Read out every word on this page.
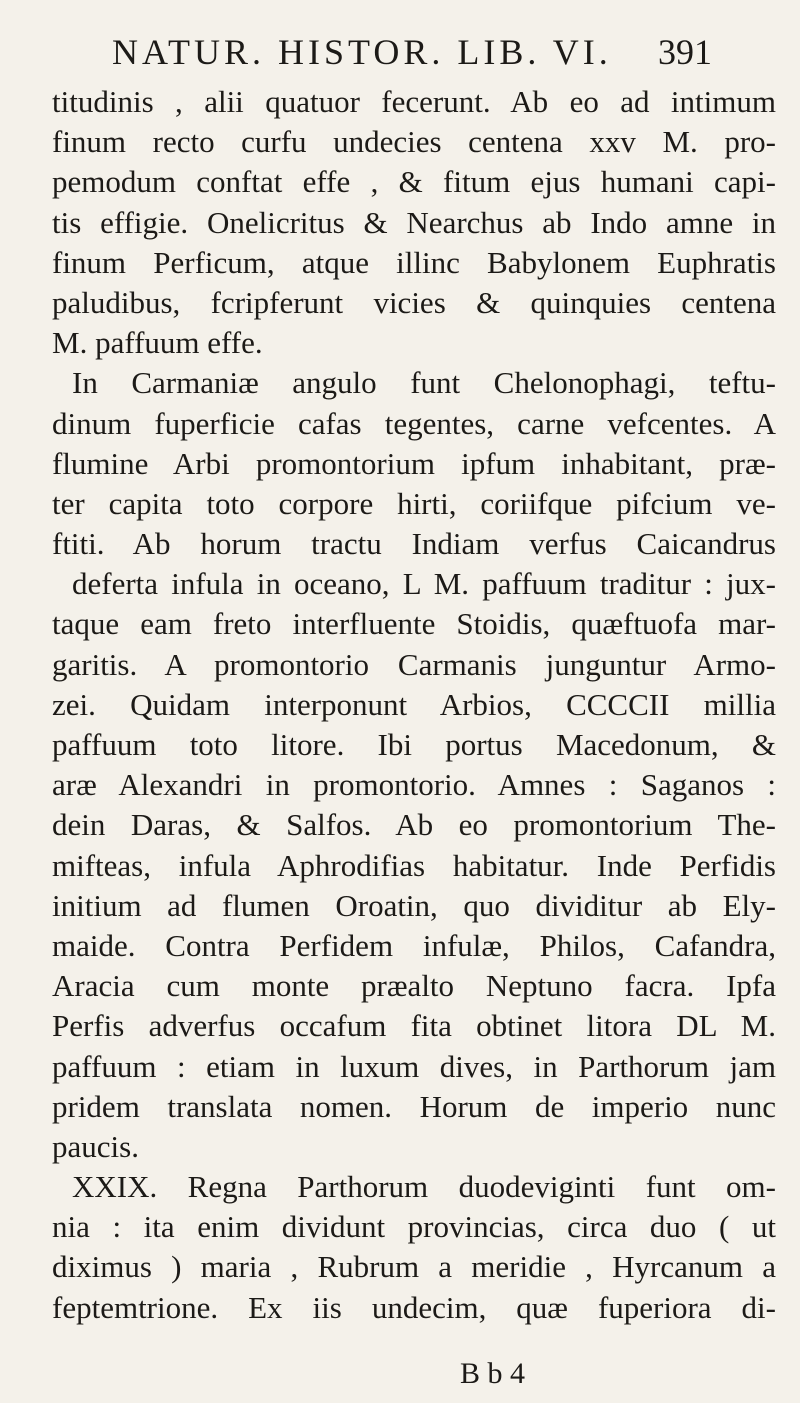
NATUR. HISTOR. LIB. VI. 391
titudinis , alii quatuor fecerunt. Ab eo ad intimum
finum recto curfu undecies centena xxv M. pro-
pemodum conftat effe , & fitum ejus humani capi-
tis effigie. Onelicritus & Nearchus ab Indo amne in
finum Perficum, atque illinc Babylonem Euphratis
paludibus, fcripferunt vicies & quinquies centena
M. paffuum effe.
In Carmaniæ angulo funt Chelonophagi, teftu-
dinum fuperficie cafas tegentes, carne vefcentes. A
flumine Arbi promontorium ipfum inhabitant, præ-
ter capita toto corpore hirti, coriifque pifcium ve-
ftiti. Ab horum tractu Indiam verfus Caicandrus
deferta infula in oceano, L M. paffuum traditur : jux-
taque eam freto interfluente Stoidis, quæftuofa mar-
garitis. A promontorio Carmanis junguntur Armo-
zei. Quidam interponunt Arbios, CCCCII millia
paffuum toto litore. Ibi portus Macedonum, &
aræ Alexandri in promontorio. Amnes : Saganos :
dein Daras, & Salfos. Ab eo promontorium The-
mifteas, infula Aphrodifias habitatur. Inde Perfidis
initium ad flumen Oroatin, quo dividitur ab Ely-
maide. Contra Perfidem infulæ, Philos, Cafandra,
Aracia cum monte præalto Neptuno facra. Ipfa
Perfis adverfus occafum fita obtinet litora DL M.
paffuum : etiam in luxum dives, in Parthorum jam
pridem translata nomen. Horum de imperio nunc
paucis.
XXIX. Regna Parthorum duodeviginti funt om-
nia : ita enim dividunt provincias, circa duo ( ut
diximus ) maria , Rubrum a meridie , Hyrcanum a
feptemtrione. Ex iis undecim, quæ fuperiora di-
B b 4
